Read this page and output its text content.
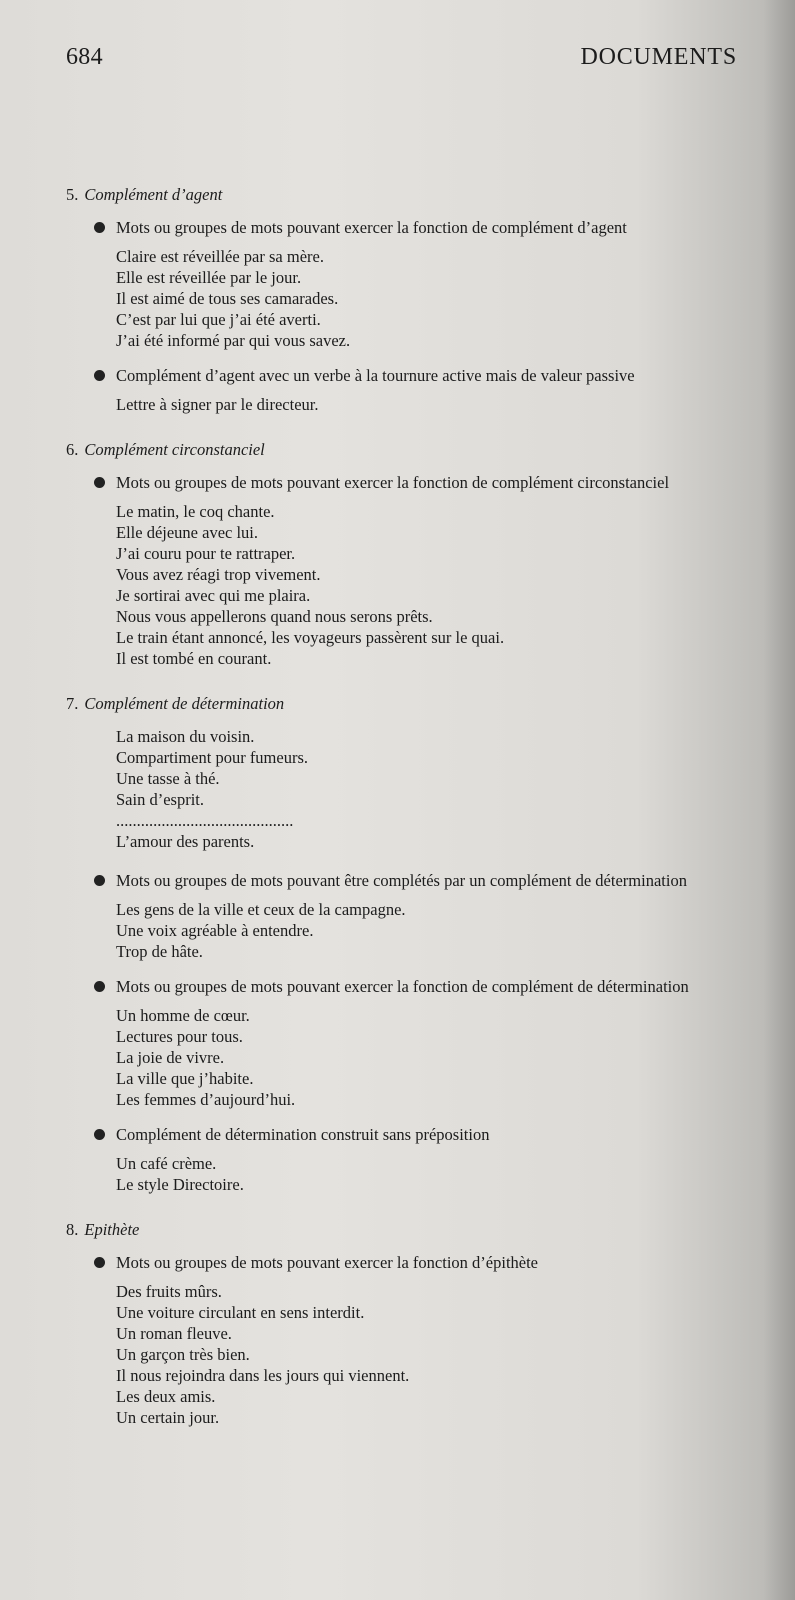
684	DOCUMENTS
5. Complément d’agent
Mots ou groupes de mots pouvant exercer la fonction de complément d’agent
Claire est réveillée par sa mère.
Elle est réveillée par le jour.
Il est aimé de tous ses camarades.
C’est par lui que j’ai été averti.
J’ai été informé par qui vous savez.
Complément d’agent avec un verbe à la tournure active mais de valeur passive
Lettre à signer par le directeur.
6. Complément circonstanciel
Mots ou groupes de mots pouvant exercer la fonction de complément circonstanciel
Le matin, le coq chante.
Elle déjeune avec lui.
J’ai couru pour te rattraper.
Vous avez réagi trop vivement.
Je sortirai avec qui me plaira.
Nous vous appellerons quand nous serons prêts.
Le train étant annoncé, les voyageurs passèrent sur le quai.
Il est tombé en courant.
7. Complément de détermination
La maison du voisin.
Compartiment pour fumeurs.
Une tasse à thé.
Sain d’esprit.
...........................................
L’amour des parents.
Mots ou groupes de mots pouvant être complétés par un complément de détermination
Les gens de la ville et ceux de la campagne.
Une voix agréable à entendre.
Trop de hâte.
Mots ou groupes de mots pouvant exercer la fonction de complément de détermination
Un homme de cœur.
Lectures pour tous.
La joie de vivre.
La ville que j’habite.
Les femmes d’aujourd’hui.
Complément de détermination construit sans préposition
Un café crème.
Le style Directoire.
8. Epithète
Mots ou groupes de mots pouvant exercer la fonction d’épithète
Des fruits mûrs.
Une voiture circulant en sens interdit.
Un roman fleuve.
Un garçon très bien.
Il nous rejoindra dans les jours qui viennent.
Les deux amis.
Un certain jour.
